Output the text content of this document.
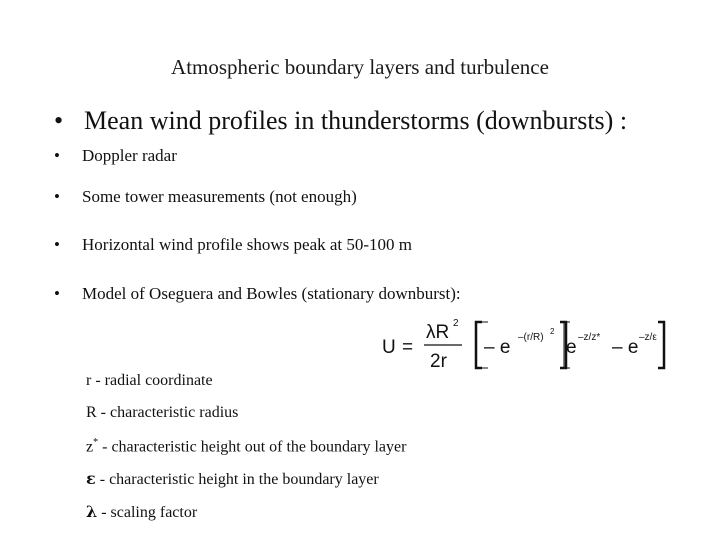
Atmospheric boundary layers and turbulence
• Mean wind profiles in thunderstorms (downbursts) :
• Doppler radar
• Some tower measurements (not enough)
• Horizontal wind profile shows peak at 50-100 m
• Model of Oseguera and Bowles (stationary downburst):
U =
λR 2
2r
– e –(r/R)
2
e –z/z* – e –z/ε
r - radial coordinate
R - characteristic radius
z* - characteristic height out of the boundary layer
ε - characteristic height in the boundary layer
λ - scaling factor
